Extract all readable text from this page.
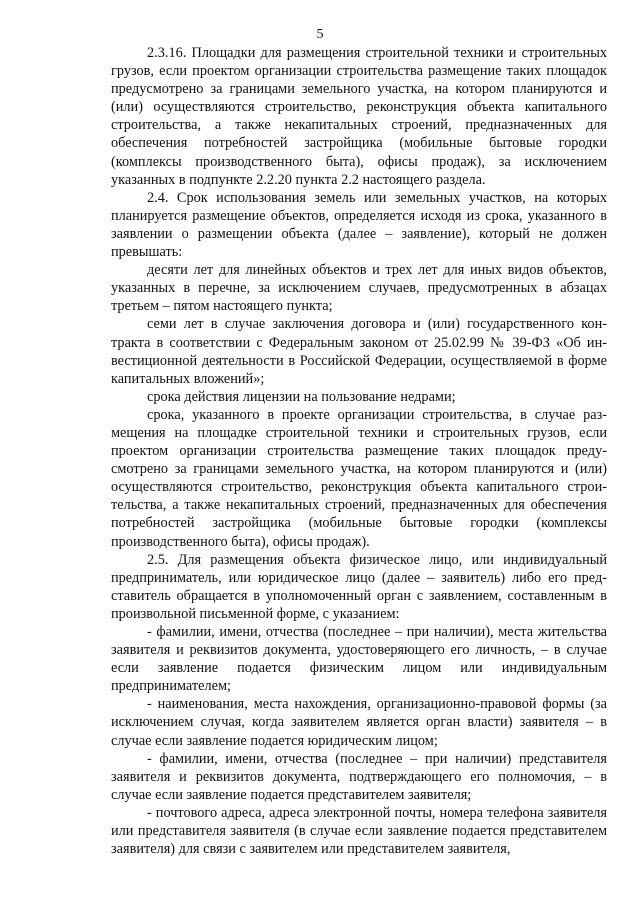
5

2.3.16. Площадки для размещения строительной техники и строительных грузов, если проектом организации строительства размещение таких площадок предусмотрено за границами земельного участка, на котором планируются и (или) осуществляются строительство, реконструкция объекта капитального строительства, а также некапитальных строений, предназначенных для обеспечения потребностей застройщика (мобильные бытовые городки (комплексы производственного быта), офисы продаж), за исключением указанных в подпункте 2.2.20 пункта 2.2 настоящего раздела.

2.4. Срок использования земель или земельных участков, на которых планируется размещение объектов, определяется исходя из срока, указанного в заявлении о размещении объекта (далее – заявление), который не должен превышать:

десяти лет для линейных объектов и трех лет для иных видов объектов, указанных в перечне, за исключением случаев, предусмотренных в абзацах третьем – пятом настоящего пункта;

семи лет в случае заключения договора и (или) государственного контракта в соответствии с Федеральным законом от 25.02.99 № 39-ФЗ «Об инвестиционной деятельности в Российской Федерации, осуществляемой в форме капитальных вложений»;

срока действия лицензии на пользование недрами;

срока, указанного в проекте организации строительства, в случае размещения на площадке строительной техники и строительных грузов, если проектом организации строительства размещение таких площадок предусмотрено за границами земельного участка, на котором планируются и (или) осуществляются строительство, реконструкция объекта капитального строительства, а также некапитальных строений, предназначенных для обеспечения потребностей застройщика (мобильные бытовые городки (комплексы производственного быта), офисы продаж).

2.5. Для размещения объекта физическое лицо, или индивидуальный предприниматель, или юридическое лицо (далее – заявитель) либо его представитель обращается в уполномоченный орган с заявлением, составленным в произвольной письменной форме, с указанием:

- фамилии, имени, отчества (последнее – при наличии), места жительства заявителя и реквизитов документа, удостоверяющего его личность, – в случае если заявление подается физическим лицом или индивидуальным предпринимателем;

- наименования, места нахождения, организационно-правовой формы (за исключением случая, когда заявителем является орган власти) заявителя – в случае если заявление подается юридическим лицом;

- фамилии, имени, отчества (последнее – при наличии) представителя заявителя и реквизитов документа, подтверждающего его полномочия, – в случае если заявление подается представителем заявителя;

- почтового адреса, адреса электронной почты, номера телефона заявителя или представителя заявителя (в случае если заявление подается представителем заявителя) для связи с заявителем или представителем заявителя,
